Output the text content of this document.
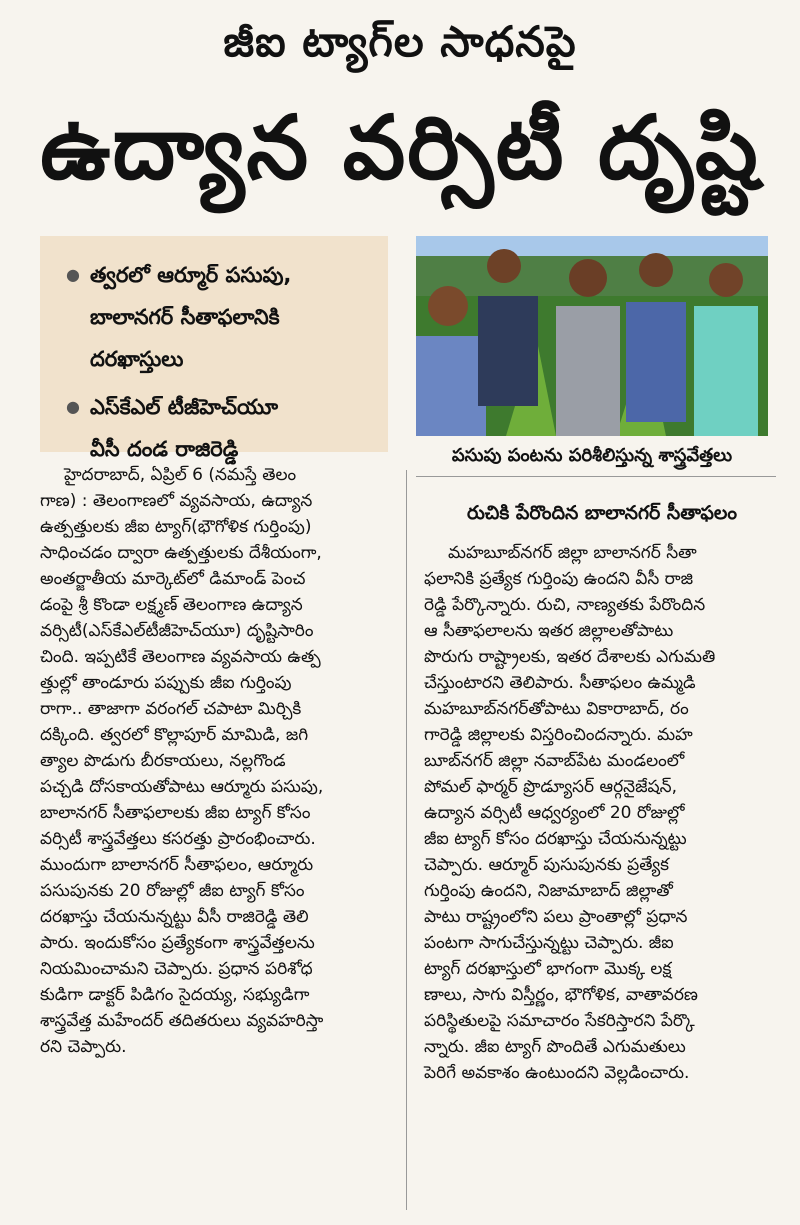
జీఐ ట్యాగ్‌ల సాధనపై
ఉద్యాన వర్సిటీ దృష్టి
● త్వరలో ఆర్మూర్ పసుపు,
బాలానగర్ సీతాఫలానికి
దరఖాస్తులు
● ఎస్‌కేఎల్ టీజీహెచ్‌యూ
వీసీ దండ రాజిరెడ్డి	పసుపు పంటను పరిశీలిస్తున్న శాస్త్రవేత్తలు
హైదరాబాద్, ఏప్రిల్ 6 (నమస్తే తెలం
గాణ) : తెలంగాణలో వ్యవసాయ, ఉద్యాన
ఉత్పత్తులకు జీఐ ట్యాగ్(భౌగోళిక గుర్తింపు)
సాధించడం ద్వారా ఉత్పత్తులకు దేశీయంగా,
అంతర్జాతీయ మార్కెట్‌లో డిమాండ్ పెంచ
డంపై శ్రీ కొండా లక్ష్మణ్ తెలంగాణ ఉద్యాన
వర్సిటీ(ఎస్‌కేఎల్‌టీజీహెచ్‌యూ) దృష్టిసారిం
చింది. ఇప్పటికే తెలంగాణ వ్యవసాయ ఉత్ప
త్తుల్లో తాండూరు పప్పుకు జీఐ గుర్తింపు
రాగా.. తాజాగా వరంగల్ చపాటా మిర్చికి
దక్కింది. త్వరలో కొల్లాపూర్ మామిడి, జగి
త్యాల పొడుగు బీరకాయలు, నల్లగొండ
పచ్చడి దోసకాయతోపాటు ఆర్మూరు పసుపు,
బాలానగర్ సీతాఫలాలకు జీఐ ట్యాగ్ కోసం
వర్సిటీ శాస్త్రవేత్తలు కసరత్తు ప్రారంభించారు.
ముందుగా బాలానగర్ సీతాఫలం, ఆర్మూరు
పసుపునకు 20 రోజుల్లో జీఐ ట్యాగ్ కోసం
దరఖాస్తు చేయనున్నట్టు వీసీ రాజిరెడ్డి తెలి
పారు. ఇందుకోసం ప్రత్యేకంగా శాస్త్రవేత్తలను
నియమించామని చెప్పారు. ప్రధాన పరిశోధ
కుడిగా డాక్టర్ పిడిగం సైదయ్య, సభ్యుడిగా
శాస్త్రవేత్త మహేందర్ తదితరులు వ్యవహరిస్తా
రని చెప్పారు.
రుచికి పేరొందిన బాలానగర్ సీతాఫలం
మహబూబ్‌నగర్ జిల్లా బాలానగర్ సీతా
ఫలానికి ప్రత్యేక గుర్తింపు ఉందని వీసీ రాజి
రెడ్డి పేర్కొన్నారు. రుచి, నాణ్యతకు పేరొందిన
ఆ సీతాఫలాలను ఇతర జిల్లాలతోపాటు
పొరుగు రాష్ట్రాలకు, ఇతర దేశాలకు ఎగుమతి
చేస్తుంటారని తెలిపారు. సీతాఫలం ఉమ్మడి
మహబూబ్‌నగర్‌తోపాటు వికారాబాద్, రం
గారెడ్డి జిల్లాలకు విస్తరించిందన్నారు. మహ
బూబ్‌నగర్ జిల్లా నవాబ్‌పేట మండలంలో
పోమల్ ఫార్మర్ ప్రొడ్యూసర్ ఆర్గనైజేషన్,
ఉద్యాన వర్సిటీ ఆధ్వర్యంలో 20 రోజుల్లో
జీఐ ట్యాగ్ కోసం దరఖాస్తు చేయనున్నట్టు
చెప్పారు. ఆర్మూర్ పుసుపునకు ప్రత్యేక
గుర్తింపు ఉందని, నిజామాబాద్ జిల్లాతో
పాటు రాష్ట్రంలోని పలు ప్రాంతాల్లో ప్రధాన
పంటగా సాగుచేస్తున్నట్టు చెప్పారు. జీఐ
ట్యాగ్ దరఖాస్తులో భాగంగా మొక్క లక్ష
ణాలు, సాగు విస్తీర్ణం, భౌగోళిక, వాతావరణ
పరిస్థితులపై సమాచారం సేకరిస్తారని పేర్కొ
న్నారు. జీఐ ట్యాగ్ పొందితే ఎగుమతులు
పెరిగే అవకాశం ఉంటుందని వెల్లడించారు.
